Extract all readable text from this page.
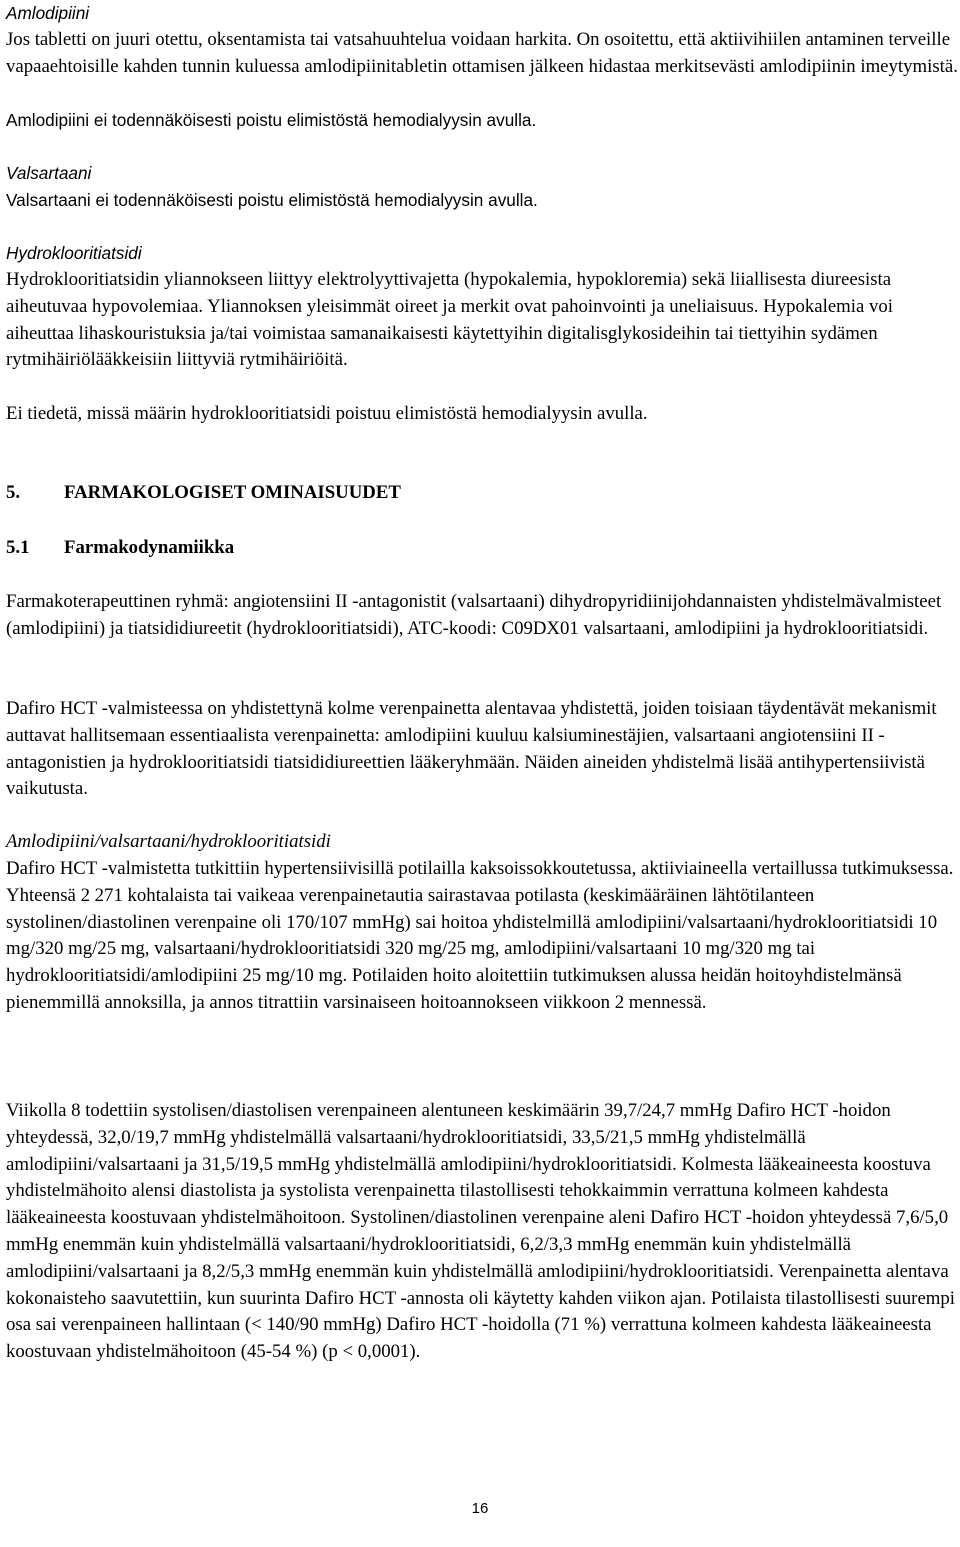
Amlodipiini

Jos tabletti on juuri otettu, oksentamista tai vatsahuuhtelua voidaan harkita. On osoitettu, että aktiivihiilen antaminen terveille vapaaehtoisille kahden tunnin kuluessa amlodipiinitabletin ottamisen jälkeen hidastaa merkitsevästi amlodipiinin imeytymistä.

Amlodipiini ei todennäköisesti poistu elimistöstä hemodialyysin avulla.

Valsartaani

Valsartaani ei todennäköisesti poistu elimistöstä hemodialyysin avulla.

Hydroklooritiatsidi

Hydroklooritiatsidin yliannokseen liittyy elektrolyyttivajetta (hypokalemia, hypokloremia) sekä liiallisesta diureesista aiheutuvaa hypovolemiaa. Yliannoksen yleisimmät oireet ja merkit ovat pahoinvointi ja uneliaisuus. Hypokalemia voi aiheuttaa lihaskouristuksia ja/tai voimistaa samanaikaisesti käytettyihin digitalisglykosideihin tai tiettyihin sydämen rytmihäiriölääkkeisiin liittyviä rytmihäiriöitä.

Ei tiedetä, missä määrin hydroklooritiatsidi poistuu elimistöstä hemodialyysin avulla.

5. FARMAKOLOGISET OMINAISUUDET

5.1 Farmakodynamiikka

Farmakoterapeuttinen ryhmä: angiotensiini II -antagonistit (valsartaani) dihydropyridiinijohdannaisten yhdistelmävalmisteet (amlodipiini) ja tiatsididiureetit (hydroklooritiatsidi), ATC-koodi: C09DX01 valsartaani, amlodipiini ja hydroklooritiatsidi.

Dafiro HCT -valmisteessa on yhdistettynä kolme verenpainetta alentavaa yhdistettä, joiden toisiaan täydentävät mekanismit auttavat hallitsemaan essentiaalista verenpainetta: amlodipiini kuuluu kalsiuminestäjien, valsartaani angiotensiini II -antagonistien ja hydroklooritiatsidi tiatsididiureettien lääkeryhmään. Näiden aineiden yhdistelmä lisää antihypertensiivistä vaikutusta.

Amlodipiini/valsartaani/hydroklooritiatsidi

Dafiro HCT -valmistetta tutkittiin hypertensiivisillä potilailla kaksoissokkoutetussa, aktiiviaineella vertaillussa tutkimuksessa. Yhteensä 2 271 kohtalaista tai vaikeaa verenpainetautia sairastavaa potilasta (keskimääräinen lähtötilanteen systolinen/diastolinen verenpaine oli 170/107 mmHg) sai hoitoa yhdistelmillä amlodipiini/valsartaani/hydroklooritiatsidi 10 mg/320 mg/25 mg, valsartaani/hydroklooritiatsidi 320 mg/25 mg, amlodipiini/valsartaani 10 mg/320 mg tai hydroklooritiatsidi/amlodipiini 25 mg/10 mg. Potilaiden hoito aloitettiin tutkimuksen alussa heidän hoitoyhdistelmänsä pienemmillä annoksilla, ja annos titrattiin varsinaiseen hoitoannokseen viikkoon 2 mennessä.

Viikolla 8 todettiin systolisen/diastolisen verenpaineen alentuneen keskimäärin 39,7/24,7 mmHg Dafiro HCT -hoidon yhteydessä, 32,0/19,7 mmHg yhdistelmällä valsartaani/hydroklooritiatsidi, 33,5/21,5 mmHg yhdistelmällä amlodipiini/valsartaani ja 31,5/19,5 mmHg yhdistelmällä amlodipiini/hydroklooritiatsidi. Kolmesta lääkeaineesta koostuva yhdistelmähoito alensi diastolista ja systolista verenpainetta tilastollisesti tehokkaimmin verrattuna kolmeen kahdesta lääkeaineesta koostuvaan yhdistelmähoitoon. Systolinen/diastolinen verenpaine aleni Dafiro HCT -hoidon yhteydessä 7,6/5,0 mmHg enemmän kuin yhdistelmällä valsartaani/hydroklooritiatsidi, 6,2/3,3 mmHg enemmän kuin yhdistelmällä amlodipiini/valsartaani ja 8,2/5,3 mmHg enemmän kuin yhdistelmällä amlodipiini/hydroklooritiatsidi. Verenpainetta alentava kokonaisteho saavutettiin, kun suurinta Dafiro HCT -annosta oli käytetty kahden viikon ajan. Potilaista tilastollisesti suurempi osa sai verenpaineen hallintaan (< 140/90 mmHg) Dafiro HCT -hoidolla (71 %) verrattuna kolmeen kahdesta lääkeaineesta koostuvaan yhdistelmähoitoon (45-54 %) (p < 0,0001).

16
